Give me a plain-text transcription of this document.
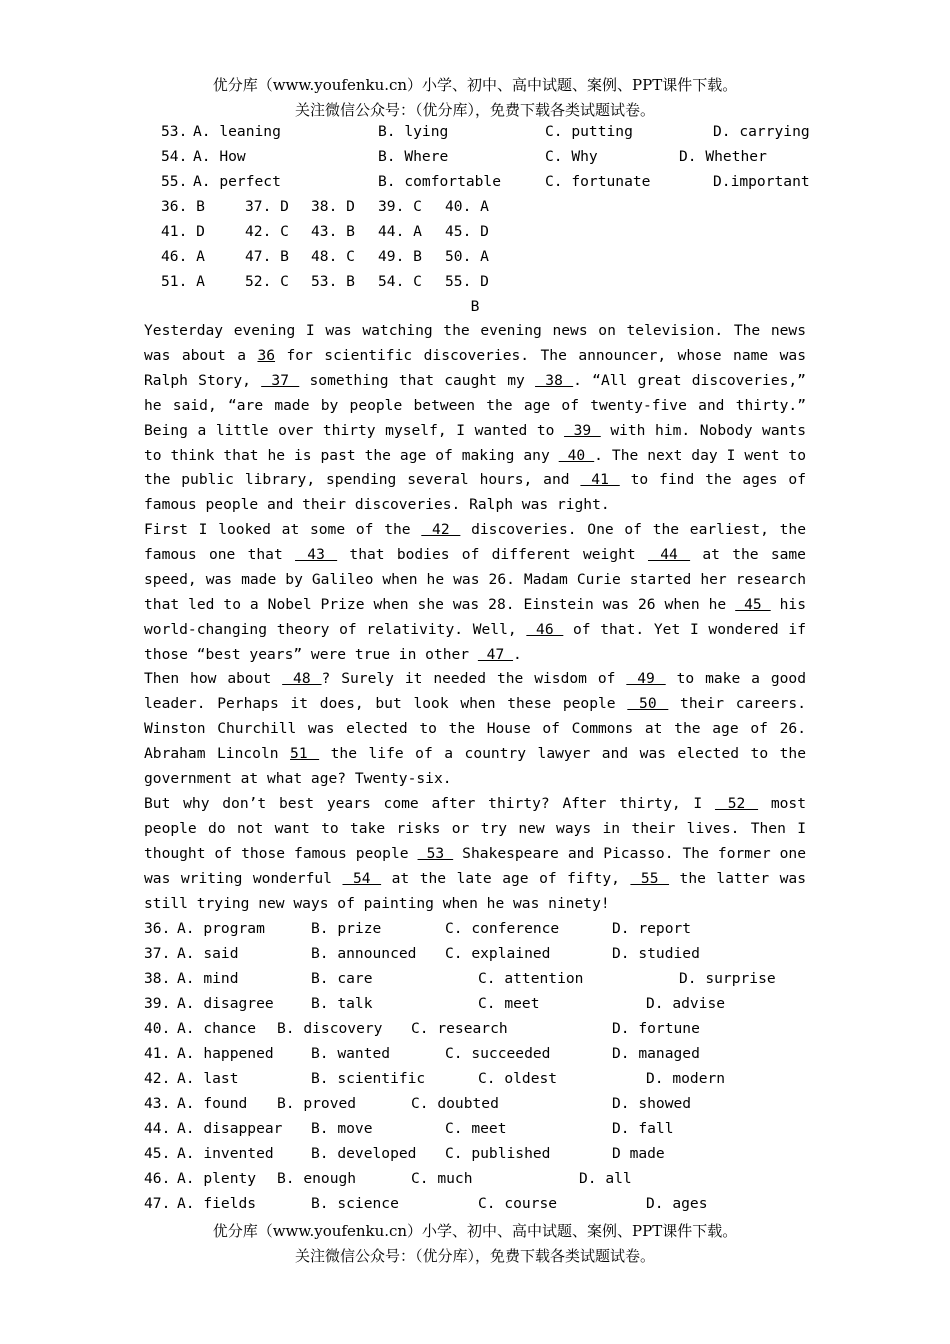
优分库（www.youfenku.cn）小学、初中、高中试题、案例、PPT课件下载。
关注微信公众号：（优分库），免费下载各类试题试卷。
53. A. leaning	B. lying	C. putting	D. carrying
54. A. How	B. Where	C. Why	D. Whether
55. A. perfect	B. comfortable	C. fortunate	D.important
36. B	37. D 38. D 39. C 40. A
41. D	42. C 43. B 44. A 45. D
46. A	47. B 48. C 49. B 50. A
51. A	52. C 53. B 54. C 55. D
B
Yesterday evening I was watching the evening news on television. The news was about a 36 for scientific discoveries. The announcer, whose name was Ralph Story,  37  something that caught my  38 . “All great discoveries,” he said, “are made by people between the age of twenty-five and thirty.” Being a little over thirty myself, I wanted to  39  with him. Nobody wants to think that he is past the age of making any  40 . The next day I went to the public library, spending several hours, and  41  to find the ages of famous people and their discoveries. Ralph was right.
First I looked at some of the  42  discoveries. One of the earliest, the famous one that  43  that bodies of different weight  44  at the same speed, was made by Galileo when he was 26. Madam Curie started her research that led to a Nobel Prize when she was 28. Einstein was 26 when he  45  his world-changing theory of relativity. Well,  46  of that. Yet I wondered if those “best years” were true in other  47 .
Then how about  48 ? Surely it needed the wisdom of  49  to make a good leader. Perhaps it does, but look when these people  50  their careers. Winston Churchill was elected to the House of Commons at the age of 26. Abraham Lincoln 51  the life of a country lawyer and was elected to the government at what age? Twenty-six.
But why don’t best years come after thirty? After thirty, I  52  most people do not want to take risks or try new ways in their lives. Then I thought of those famous people  53  Shakespeare and Picasso. The former one was writing wonderful  54  at the late age of fifty,  55  the latter was still trying new ways of painting when he was ninety!
36. A. program	B. prize	C. conference	D. report
37. A. said	B. announced C. explained	D. studied
38. A. mind	B. care	C. attention	D. surprise
39. A. disagree	B. talk	C. meet	D. advise
40. A. chance B. discovery C. research	D. fortune
41. A. happened	B. wanted	C. succeeded	D. managed
42. A. last	B. scientific	C. oldest	D. modern
43. A. found B. proved	C. doubted	D. showed
44. A. disappear B. move	C. meet	D. fall
45. A. invented	B. developed C. published	D made
46. A. plenty B. enough	C. much	D. all
47. A. fields	B. science	C. course	D. ages
优分库（www.youfenku.cn）小学、初中、高中试题、案例、PPT课件下载。
关注微信公众号：（优分库），免费下载各类试题试卷。
